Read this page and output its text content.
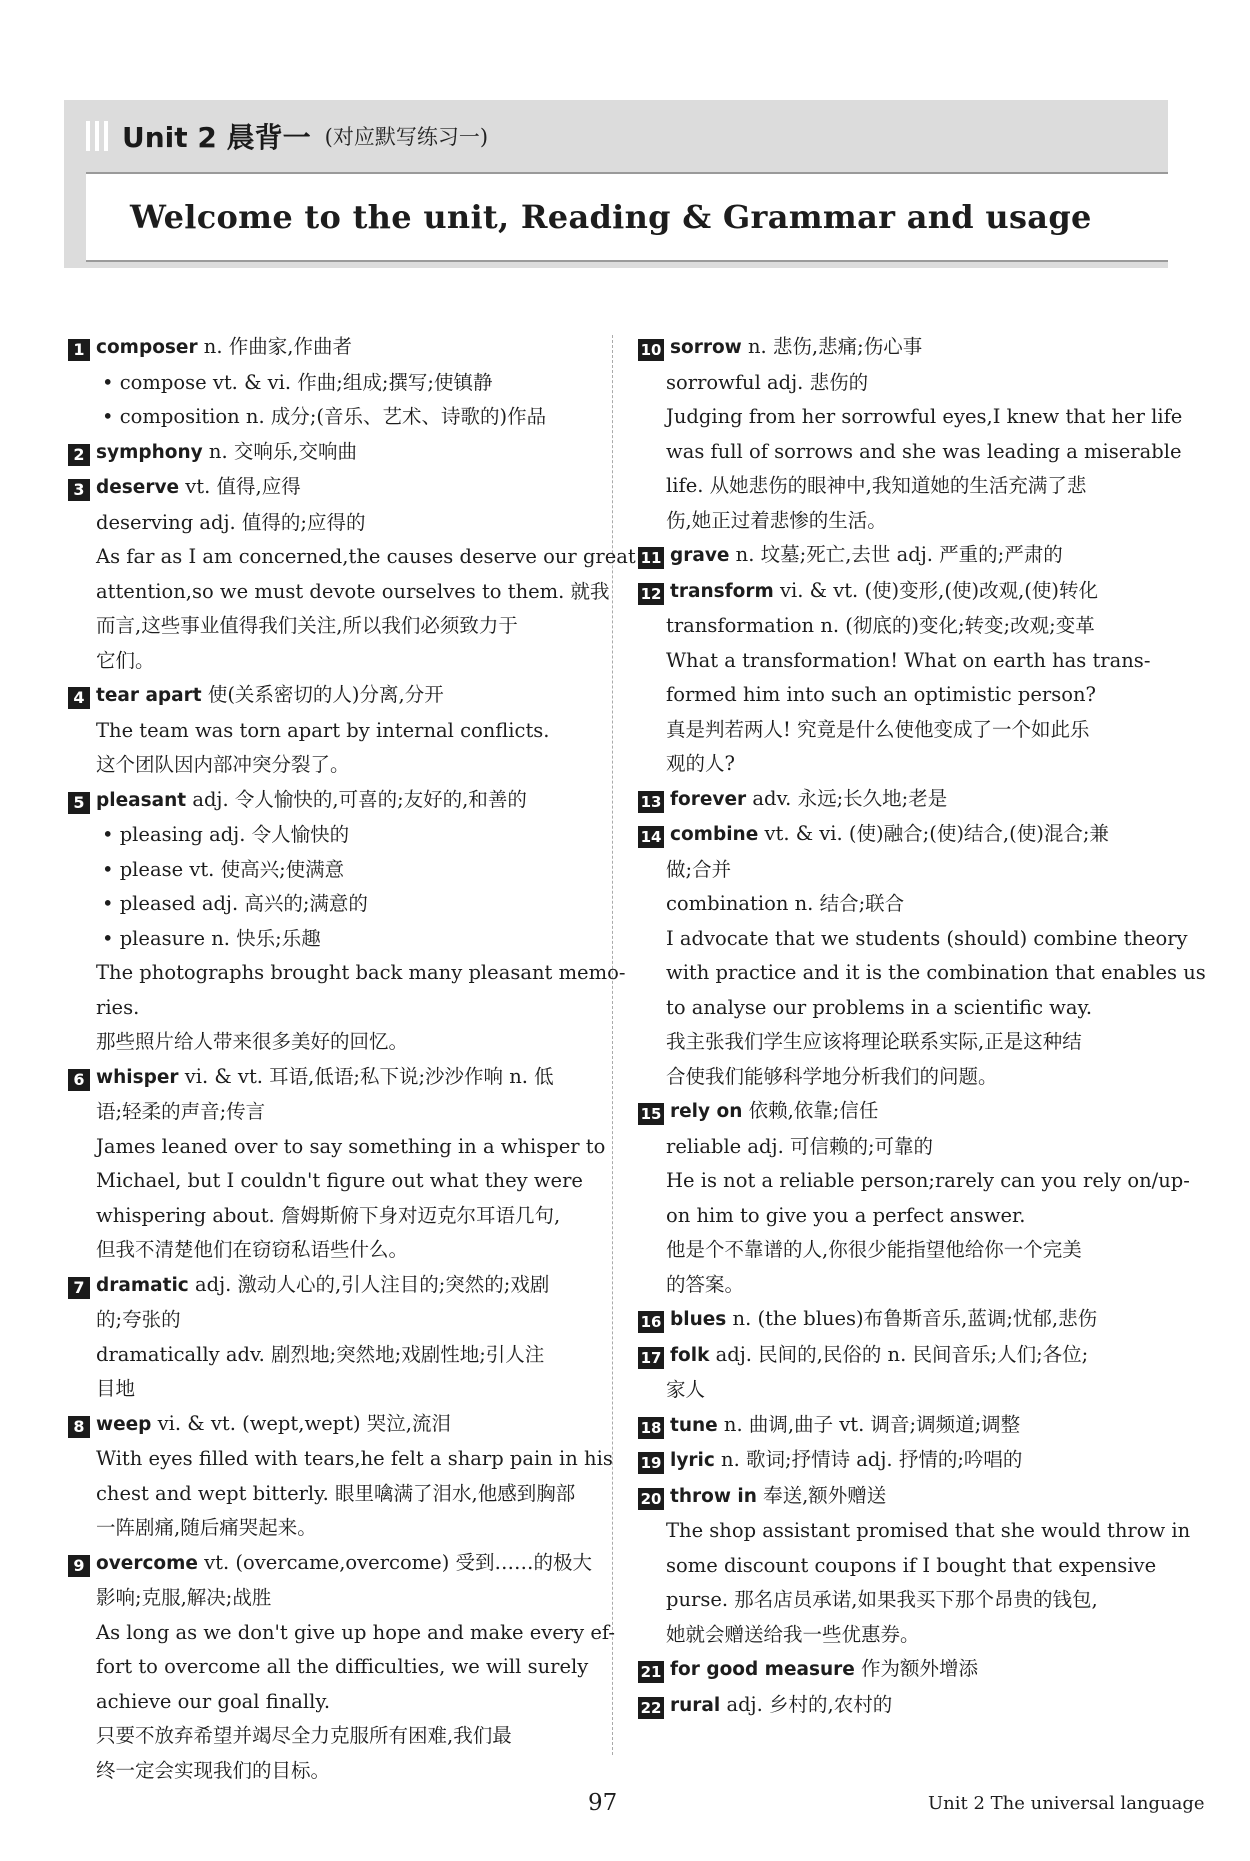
Unit 2 晨背一 (对应默写练习一)
Welcome to the unit, Reading & Grammar and usage
1 composer n. 作曲家,作曲者
• compose vt. & vi. 作曲;组成;撰写;使镇静
• composition n. 成分;(音乐、艺术、诗歌的)作品
2 symphony n. 交响乐,交响曲
3 deserve vt. 值得,应得
deserving adj. 值得的;应得的
As far as I am concerned,the causes deserve our great
attention,so we must devote ourselves to them. 就我
而言,这些事业值得我们关注,所以我们必须致力于
它们。
4 tear apart 使(关系密切的人)分离,分开
The team was torn apart by internal conflicts.
这个团队因内部冲突分裂了。
5 pleasant adj. 令人愉快的,可喜的;友好的,和善的
• pleasing adj. 令人愉快的
• please vt. 使高兴;使满意
• pleased adj. 高兴的;满意的
• pleasure n. 快乐;乐趣
The photographs brought back many pleasant memo-
ries.
那些照片给人带来很多美好的回忆。
6 whisper vi. & vt. 耳语,低语;私下说;沙沙作响 n. 低
语;轻柔的声音;传言
James leaned over to say something in a whisper to
Michael, but I couldn't figure out what they were
whispering about. 詹姆斯俯下身对迈克尔耳语几句,
但我不清楚他们在窃窃私语些什么。
7 dramatic adj. 激动人心的,引人注目的;突然的;戏剧
的;夸张的
dramatically adv. 剧烈地;突然地;戏剧性地;引人注
目地
8 weep vi. & vt. (wept,wept) 哭泣,流泪
With eyes filled with tears,he felt a sharp pain in his
chest and wept bitterly. 眼里噙满了泪水,他感到胸部
一阵剧痛,随后痛哭起来。
9 overcome vt. (overcame,overcome) 受到……的极大
影响;克服,解决;战胜
As long as we don't give up hope and make every ef-
fort to overcome all the difficulties, we will surely
achieve our goal finally.
只要不放弃希望并竭尽全力克服所有困难,我们最
终一定会实现我们的目标。
10 sorrow n. 悲伤,悲痛;伤心事
sorrowful adj. 悲伤的
Judging from her sorrowful eyes,I knew that her life
was full of sorrows and she was leading a miserable
life. 从她悲伤的眼神中,我知道她的生活充满了悲
伤,她正过着悲惨的生活。
11 grave n. 坟墓;死亡,去世 adj. 严重的;严肃的
12 transform vi. & vt. (使)变形,(使)改观,(使)转化
transformation n. (彻底的)变化;转变;改观;变革
What a transformation! What on earth has trans-
formed him into such an optimistic person?
真是判若两人! 究竟是什么使他变成了一个如此乐
观的人?
13 forever adv. 永远;长久地;老是
14 combine vt. & vi. (使)融合;(使)结合,(使)混合;兼
做;合并
combination n. 结合;联合
I advocate that we students (should) combine theory
with practice and it is the combination that enables us
to analyse our problems in a scientific way.
我主张我们学生应该将理论联系实际,正是这种结
合使我们能够科学地分析我们的问题。
15 rely on 依赖,依靠;信任
reliable adj. 可信赖的;可靠的
He is not a reliable person;rarely can you rely on/up-
on him to give you a perfect answer.
他是个不靠谱的人,你很少能指望他给你一个完美
的答案。
16 blues n. (the blues)布鲁斯音乐,蓝调;忧郁,悲伤
17 folk adj. 民间的,民俗的 n. 民间音乐;人们;各位;
家人
18 tune n. 曲调,曲子 vt. 调音;调频道;调整
19 lyric n. 歌词;抒情诗 adj. 抒情的;吟唱的
20 throw in 奉送,额外赠送
The shop assistant promised that she would throw in
some discount coupons if I bought that expensive
purse. 那名店员承诺,如果我买下那个昂贵的钱包,
她就会赠送给我一些优惠券。
21 for good measure 作为额外增添
22 rural adj. 乡村的,农村的
97	Unit 2 The universal language
